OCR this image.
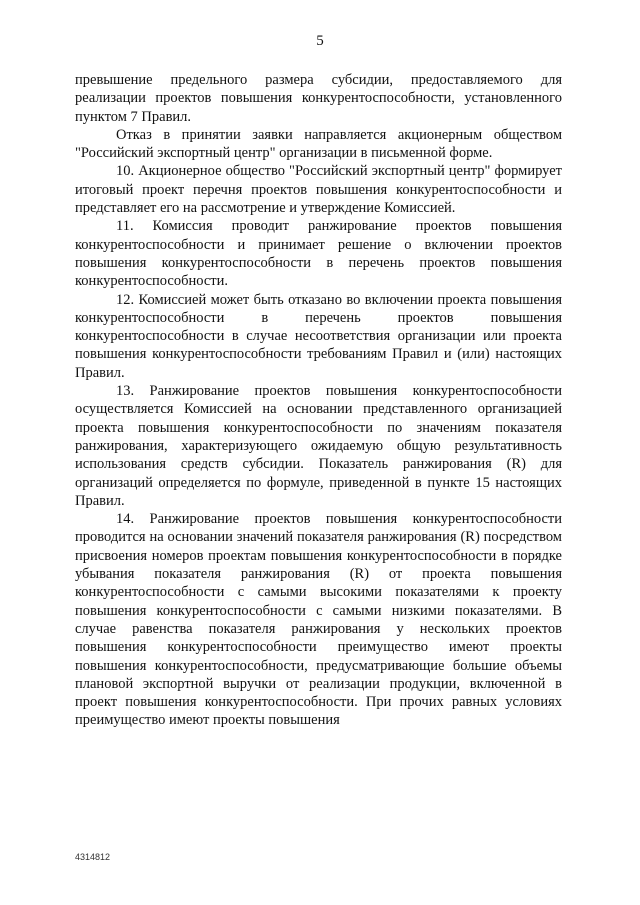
5

превышение предельного размера субсидии, предоставляемого для реализации проектов повышения конкурентоспособности, установленного пунктом 7 Правил.

Отказ в принятии заявки направляется акционерным обществом "Российский экспортный центр" организации в письменной форме.

10. Акционерное общество "Российский экспортный центр" формирует итоговый проект перечня проектов повышения конкурентоспособности и представляет его на рассмотрение и утверждение Комиссией.

11. Комиссия проводит ранжирование проектов повышения конкурентоспособности и принимает решение о включении проектов повышения конкурентоспособности в перечень проектов повышения конкурентоспособности.

12. Комиссией может быть отказано во включении проекта повышения конкурентоспособности в перечень проектов повышения конкурентоспособности в случае несоответствия организации или проекта повышения конкурентоспособности требованиям Правил и (или) настоящих Правил.

13. Ранжирование проектов повышения конкурентоспособности осуществляется Комиссией на основании представленного организацией проекта повышения конкурентоспособности по значениям показателя ранжирования, характеризующего ожидаемую общую результативность использования средств субсидии. Показатель ранжирования (R) для организаций определяется по формуле, приведенной в пункте 15 настоящих Правил.

14. Ранжирование проектов повышения конкурентоспособности проводится на основании значений показателя ранжирования (R) посредством присвоения номеров проектам повышения конкурентоспособности в порядке убывания показателя ранжирования (R) от проекта повышения конкурентоспособности с самыми высокими показателями к проекту повышения конкурентоспособности с самыми низкими показателями. В случае равенства показателя ранжирования у нескольких проектов повышения конкурентоспособности преимущество имеют проекты повышения конкурентоспособности, предусматривающие большие объемы плановой экспортной выручки от реализации продукции, включенной в проект повышения конкурентоспособности. При прочих равных условиях преимущество имеют проекты повышения

4314812
